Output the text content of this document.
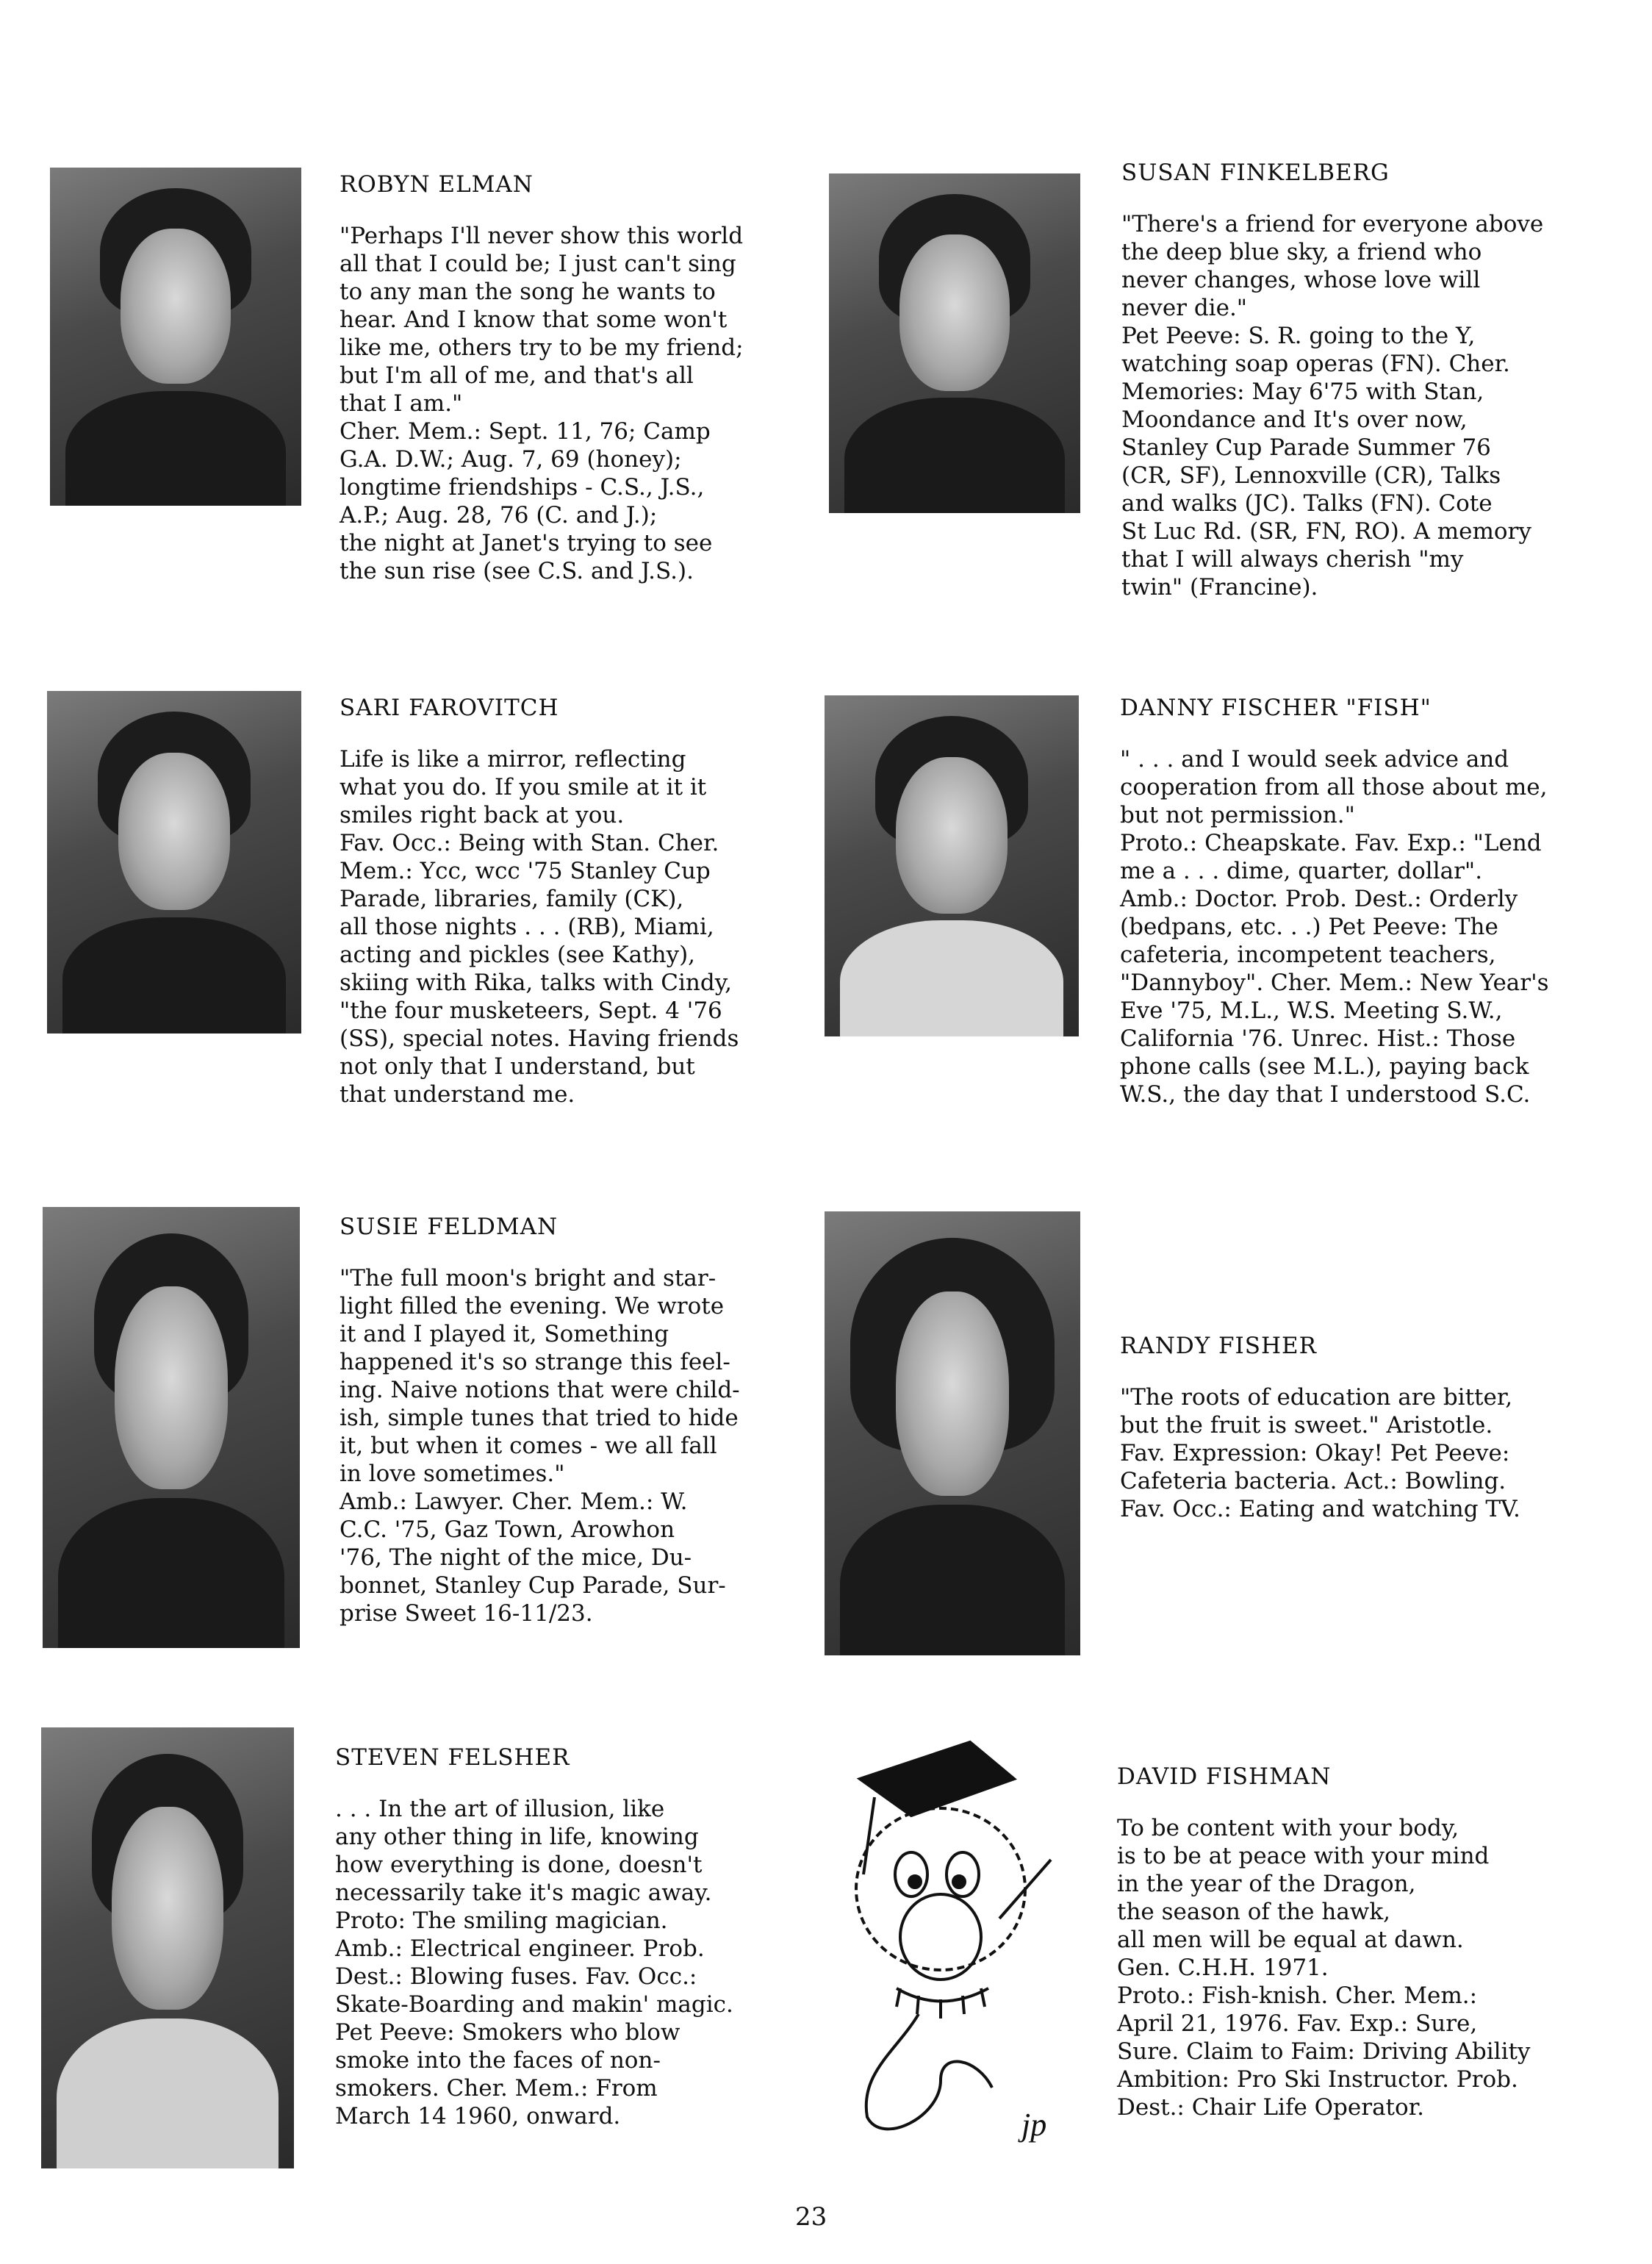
jp
ROBYN ELMAN
"Perhaps I'll never show this world
all that I could be; I just can't sing
to any man the song he wants to
hear. And I know that some won't
like me, others try to be my friend;
but I'm all of me, and that's all
that I am."
Cher. Mem.: Sept. 11, 76; Camp
G.A. D.W.; Aug. 7, 69 (honey);
longtime friendships - C.S., J.S.,
A.P.; Aug. 28, 76 (C. and J.);
the night at Janet's trying to see
the sun rise (see C.S. and J.S.).
SUSAN FINKELBERG
"There's a friend for everyone above
the deep blue sky, a friend who
never changes, whose love will
never die."
Pet Peeve: S. R. going to the Y,
watching soap operas (FN). Cher.
Memories: May 6'75 with Stan,
Moondance and It's over now,
Stanley Cup Parade Summer 76
(CR, SF), Lennoxville (CR), Talks
and walks (JC). Talks (FN). Cote
St Luc Rd. (SR, FN, RO). A memory
that I will always cherish "my
twin" (Francine).
SARI FAROVITCH
Life is like a mirror, reflecting
what you do. If you smile at it it
smiles right back at you.
Fav. Occ.: Being with Stan. Cher.
Mem.: Ycc, wcc '75 Stanley Cup
Parade, libraries, family (CK),
all those nights . . . (RB), Miami,
acting and pickles (see Kathy),
skiing with Rika, talks with Cindy,
"the four musketeers, Sept. 4 '76
(SS), special notes. Having friends
not only that I understand, but
that understand me.
DANNY FISCHER "FISH"
" . . . and I would seek advice and
cooperation from all those about me,
but not permission."
Proto.: Cheapskate. Fav. Exp.: "Lend
me a . . . dime, quarter, dollar".
Amb.: Doctor. Prob. Dest.: Orderly
(bedpans, etc. . .) Pet Peeve: The
cafeteria, incompetent teachers,
"Dannyboy". Cher. Mem.: New Year's
Eve '75, M.L., W.S. Meeting S.W.,
California '76. Unrec. Hist.: Those
phone calls (see M.L.), paying back
W.S., the day that I understood S.C.
SUSIE FELDMAN
"The full moon's bright and star-
light filled the evening. We wrote
it and I played it, Something
happened it's so strange this feel-
ing. Naive notions that were child-
ish, simple tunes that tried to hide
it, but when it comes - we all fall
in love sometimes."
Amb.: Lawyer. Cher. Mem.: W.
C.C. '75, Gaz Town, Arowhon
'76, The night of the mice, Du-
bonnet, Stanley Cup Parade, Sur-
prise Sweet 16-11/23.
RANDY FISHER
"The roots of education are bitter,
but the fruit is sweet." Aristotle.
Fav. Expression: Okay! Pet Peeve:
Cafeteria bacteria. Act.: Bowling.
Fav. Occ.: Eating and watching TV.
STEVEN FELSHER
. . . In the art of illusion, like
any other thing in life, knowing
how everything is done, doesn't
necessarily take it's magic away.
Proto: The smiling magician.
Amb.: Electrical engineer. Prob.
Dest.: Blowing fuses. Fav. Occ.:
Skate-Boarding and makin' magic.
Pet Peeve: Smokers who blow
smoke into the faces of non-
smokers. Cher. Mem.: From
March 14 1960, onward.
DAVID FISHMAN
To be content with your body,
is to be at peace with your mind
in the year of the Dragon,
the season of the hawk,
all men will be equal at dawn.
Gen. C.H.H. 1971.
Proto.: Fish-knish. Cher. Mem.:
April 21, 1976. Fav. Exp.: Sure,
Sure. Claim to Faim: Driving Ability
Ambition: Pro Ski Instructor. Prob.
Dest.: Chair Life Operator.
23
